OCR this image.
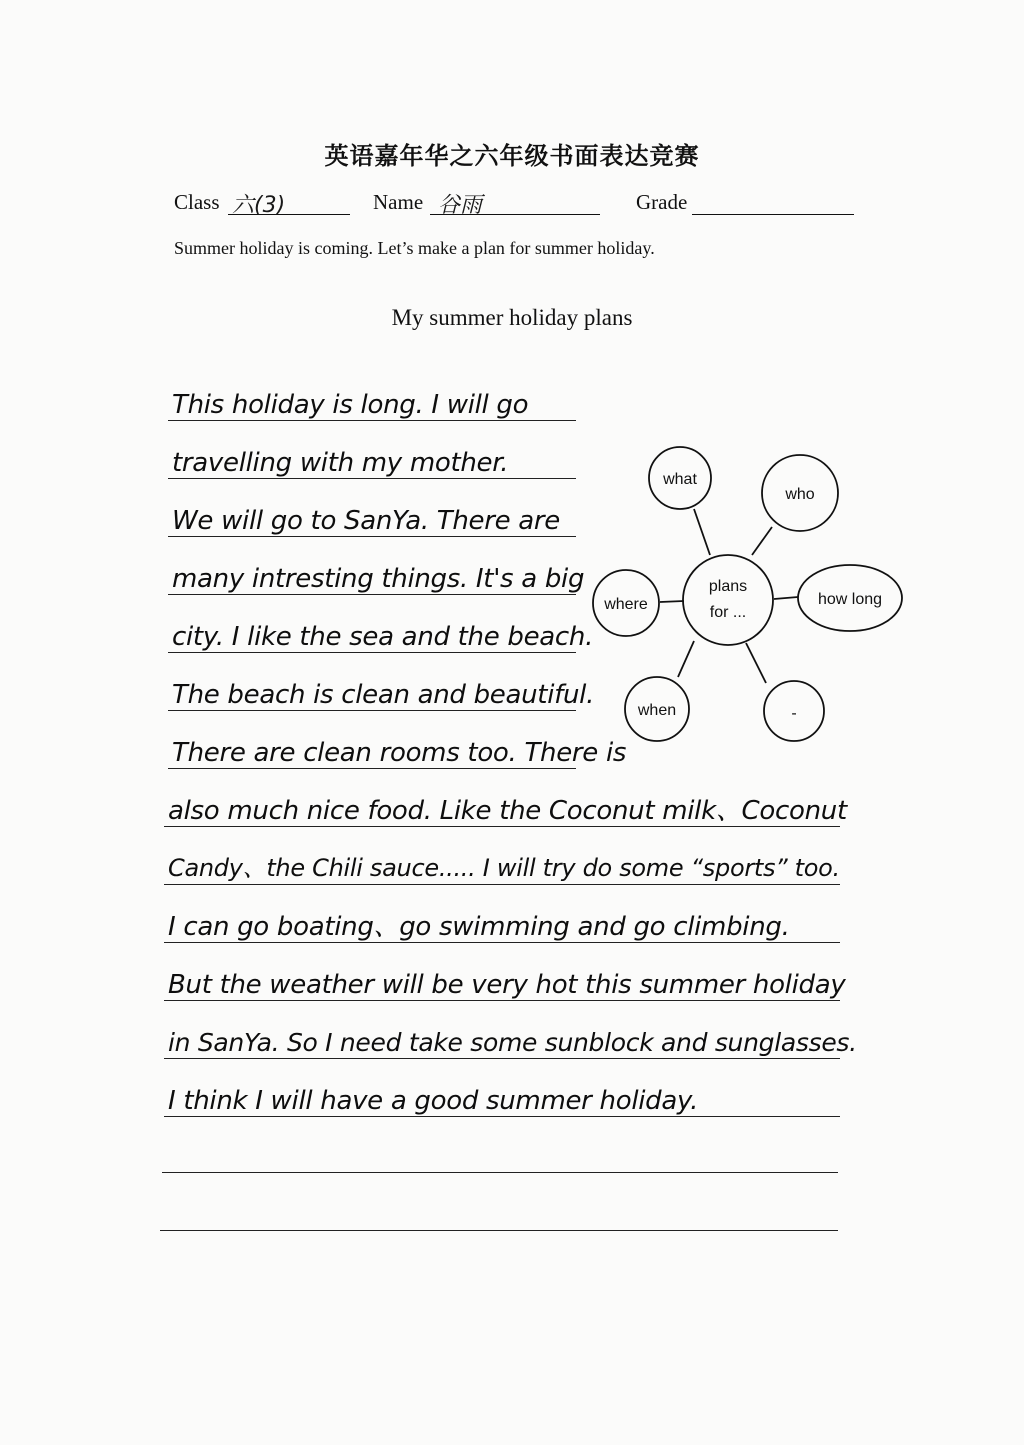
英语嘉年华之六年级书面表达竞赛
Class 六(3)	Name 谷雨	Grade
Summer holiday is coming. Let’s make a plan for summer holiday.
My summer holiday plans
This holiday is long. I will go
travelling with my mother.
We will go to SanYa. There are
many intresting things. It's a big
city. I like the sea and the beach.
The beach is clean and beautiful.
There are clean rooms too. There is
also much nice food. Like the Coconut milk、Coconut
Candy、the Chili sauce..... I will try do some “sports” too.
I can go boating、go swimming and go climbing.
But the weather will be very hot this summer holiday
in SanYa. So I need take some sunblock and sunglasses.
I think I will have a good summer holiday.
what
who
plans
for ...
where	how long
when	-
